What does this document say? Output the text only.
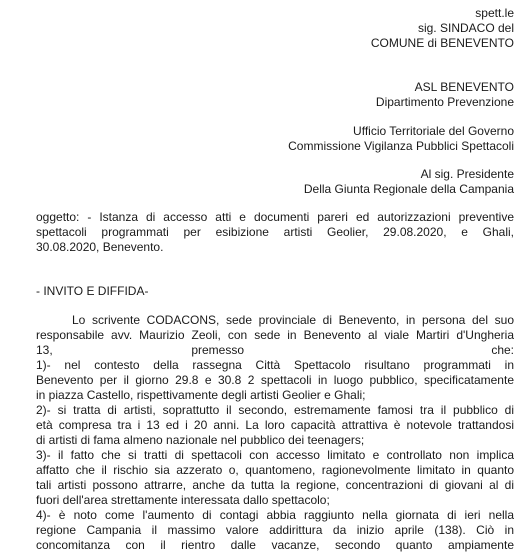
spett.le
sig. SINDACO del
COMUNE di BENEVENTO
ASL BENEVENTO
Dipartimento Prevenzione
Ufficio Territoriale del Governo
Commissione Vigilanza Pubblici Spettacoli
Al sig. Presidente
Della Giunta Regionale della Campania
oggetto: - Istanza di accesso atti e documenti pareri ed autorizzazioni preventive
spettacoli programmati per esibizione artisti Geolier, 29.08.2020, e Ghali,
30.08.2020, Benevento.
- INVITO E DIFFIDA-
Lo scrivente CODACONS, sede provinciale di Benevento, in persona del suo
responsabile avv. Maurizio Zeoli, con sede in Benevento al viale Martiri d'Ungheria
13,	premesso	che:
1)- nel contesto della rassegna Città Spettacolo risultano programmati in
Benevento per il giorno 29.8 e 30.8 2 spettacoli in luogo pubblico, specificatamente
in piazza Castello, rispettivamente degli artisti Geolier e Ghali;
2)- si tratta di artisti, soprattutto il secondo, estremamente famosi tra il pubblico di
età compresa tra i 13 ed i 20 anni. La loro capacità attrattiva è notevole trattandosi
di artisti di fama almeno nazionale nel pubblico dei teenagers;
3)- il fatto che si tratti di spettacoli con accesso limitato e controllato non implica
affatto che il rischio sia azzerato o, quantomeno, ragionevolmente limitato in quanto
tali artisti possono attrarre, anche da tutta la regione, concentrazioni di giovani al di
fuori dell'area strettamente interessata dallo spettacolo;
4)- è noto come l'aumento di contagi abbia raggiunto nella giornata di ieri nella
regione Campania il massimo valore addirittura da inizio aprile (138). Ciò in
concomitanza con il rientro dalle vacanze, secondo quanto ampiamente
